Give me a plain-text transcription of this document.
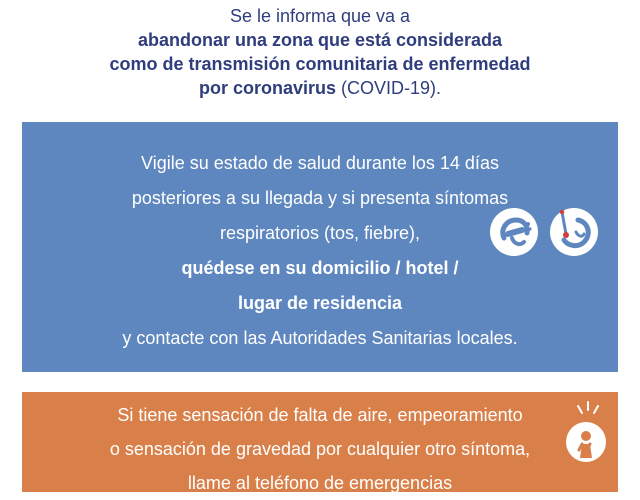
Se le informa que va a
abandonar una zona que está considerada
como de transmisión comunitaria de enfermedad
por coronavirus (COVID-19).
Vigile su estado de salud durante los 14 días
posteriores a su llegada y si presenta síntomas
respiratorios (tos, fiebre),
quédese en su domicilio / hotel /
lugar de residencia
y contacte con las Autoridades Sanitarias locales.
Si tiene sensación de falta de aire, empeoramiento
o sensación de gravedad por cualquier otro síntoma,
llame al teléfono de emergencias
